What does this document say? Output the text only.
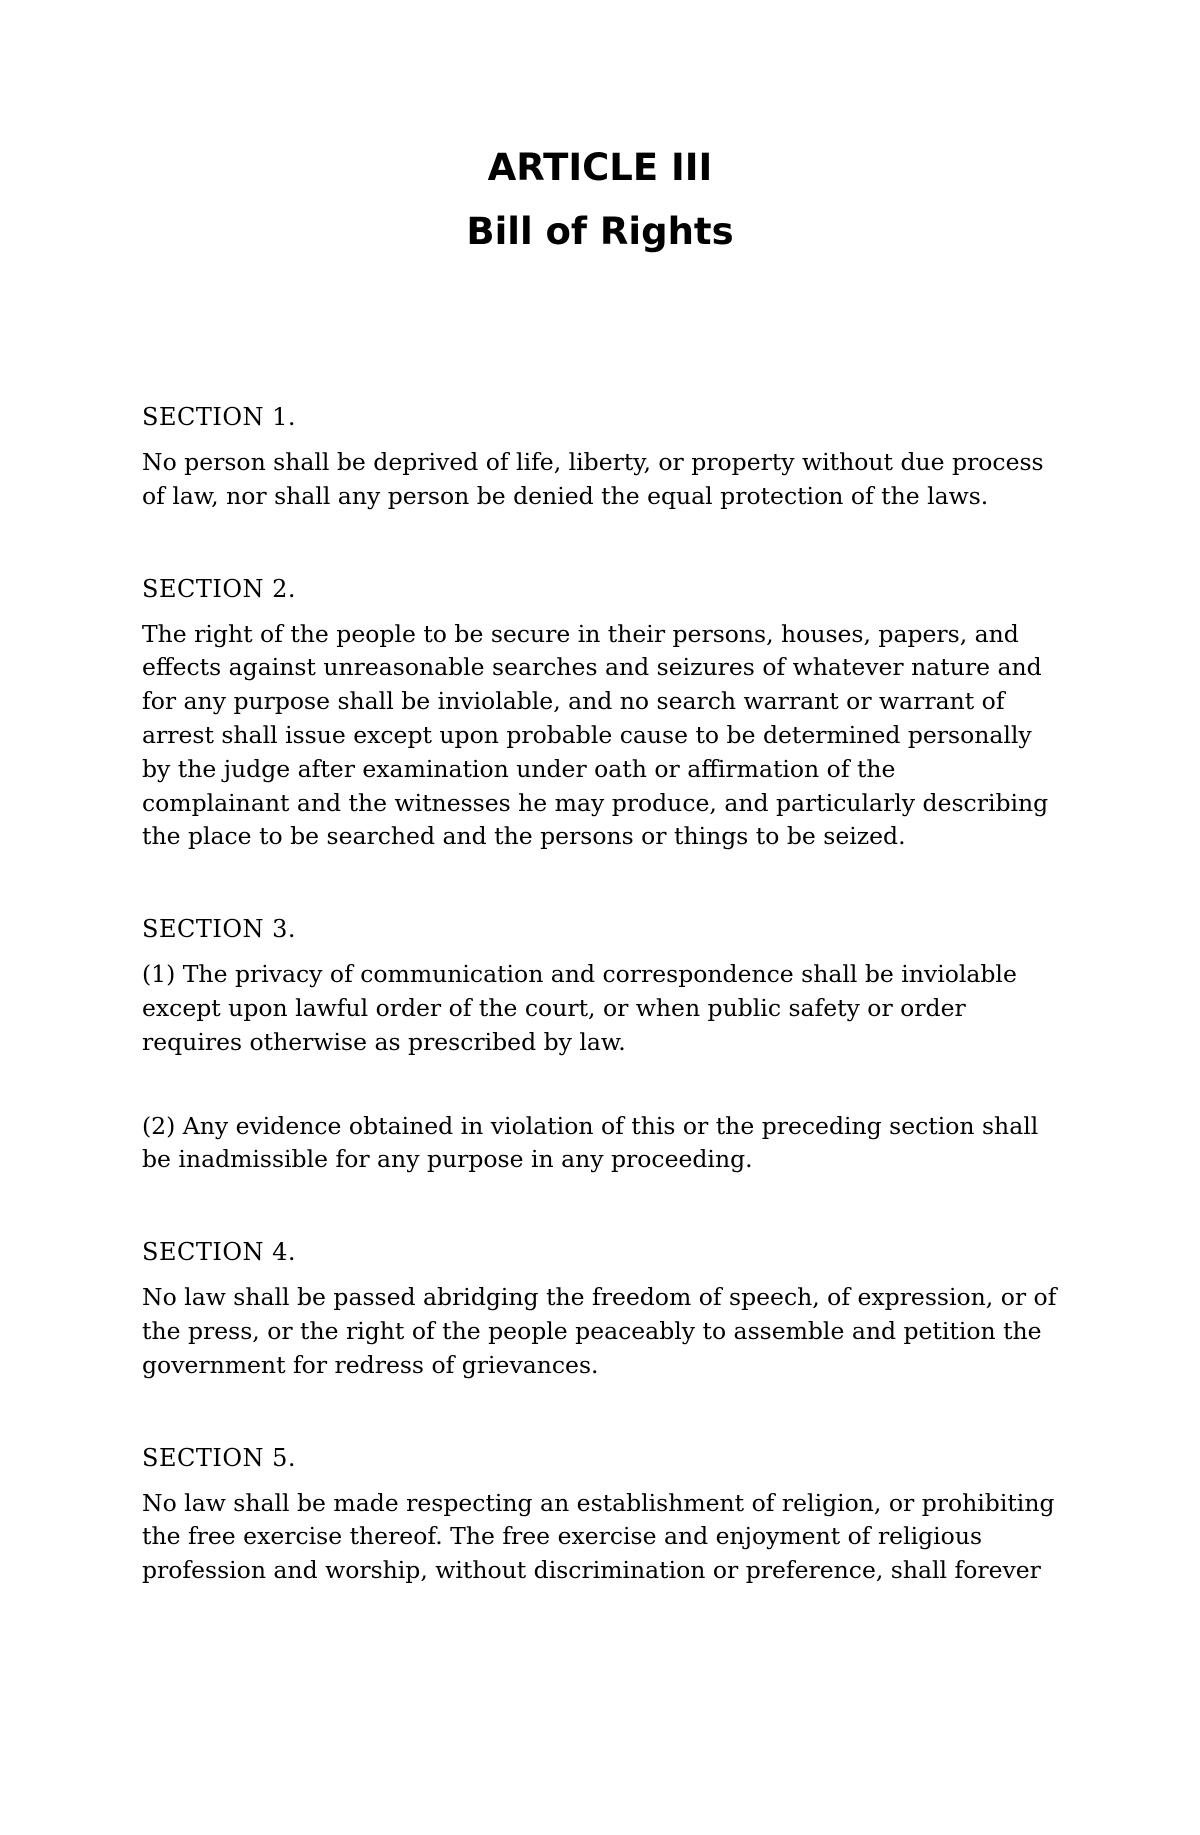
ARTICLE III
Bill of Rights

SECTION 1.

No person shall be deprived of life, liberty, or property without due process
of law, nor shall any person be denied the equal protection of the laws.

SECTION 2.

The right of the people to be secure in their persons, houses, papers, and
effects against unreasonable searches and seizures of whatever nature and
for any purpose shall be inviolable, and no search warrant or warrant of
arrest shall issue except upon probable cause to be determined personally
by the judge after examination under oath or affirmation of the
complainant and the witnesses he may produce, and particularly describing
the place to be searched and the persons or things to be seized.

SECTION 3.

(1) The privacy of communication and correspondence shall be inviolable
except upon lawful order of the court, or when public safety or order
requires otherwise as prescribed by law.

(2) Any evidence obtained in violation of this or the preceding section shall
be inadmissible for any purpose in any proceeding.

SECTION 4.

No law shall be passed abridging the freedom of speech, of expression, or of
the press, or the right of the people peaceably to assemble and petition the
government for redress of grievances.

SECTION 5.

No law shall be made respecting an establishment of religion, or prohibiting
the free exercise thereof. The free exercise and enjoyment of religious
profession and worship, without discrimination or preference, shall forever
